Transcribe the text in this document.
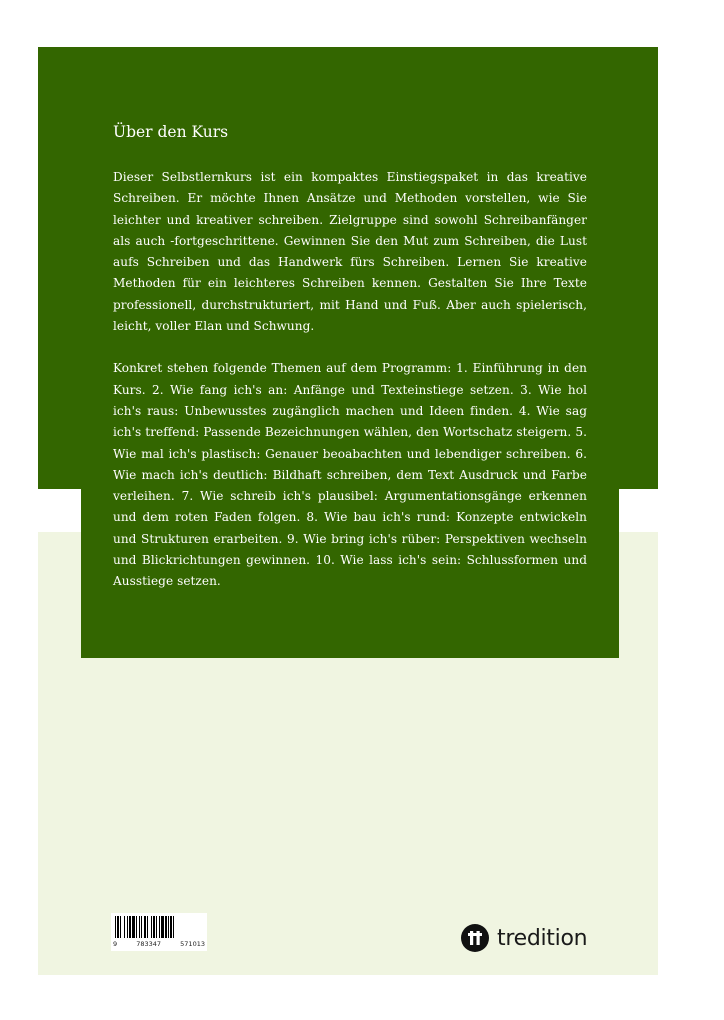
Über den Kurs

Dieser Selbstlernkurs ist ein kompaktes Einstiegspaket in das kreative Schreiben. Er möchte Ihnen Ansätze und Methoden vorstellen, wie Sie leichter und kreativer schreiben. Zielgruppe sind sowohl Schreibanfänger als auch -fortgeschrittene. Gewinnen Sie den Mut zum Schreiben, die Lust aufs Schreiben und das Handwerk fürs Schreiben. Lernen Sie kreative Methoden für ein leichteres Schreiben kennen. Gestalten Sie Ihre Texte professionell, durchstrukturiert, mit Hand und Fuß. Aber auch spielerisch, leicht, voller Elan und Schwung.

Konkret stehen folgende Themen auf dem Programm: 1. Einführung in den Kurs. 2. Wie fang ich's an: Anfänge und Texteinstiege setzen. 3. Wie hol ich's raus: Unbewusstes zugänglich machen und Ideen finden. 4. Wie sag ich's treffend: Passende Bezeichnungen wählen, den Wortschatz steigern. 5. Wie mal ich's plastisch: Genauer beoabachten und lebendiger schreiben. 6. Wie mach ich's deutlich: Bildhaft schreiben, dem Text Ausdruck und Farbe verleihen. 7. Wie schreib ich's plausibel: Argumentationsgänge erkennen und dem roten Faden folgen. 8. Wie bau ich's rund: Konzepte entwickeln und Strukturen erarbeiten. 9. Wie bring ich's rüber: Perspektiven wechseln und Blickrichtungen gewinnen. 10. Wie lass ich's sein: Schlussformen und Ausstiege setzen.

9	783347	571013	tredition
